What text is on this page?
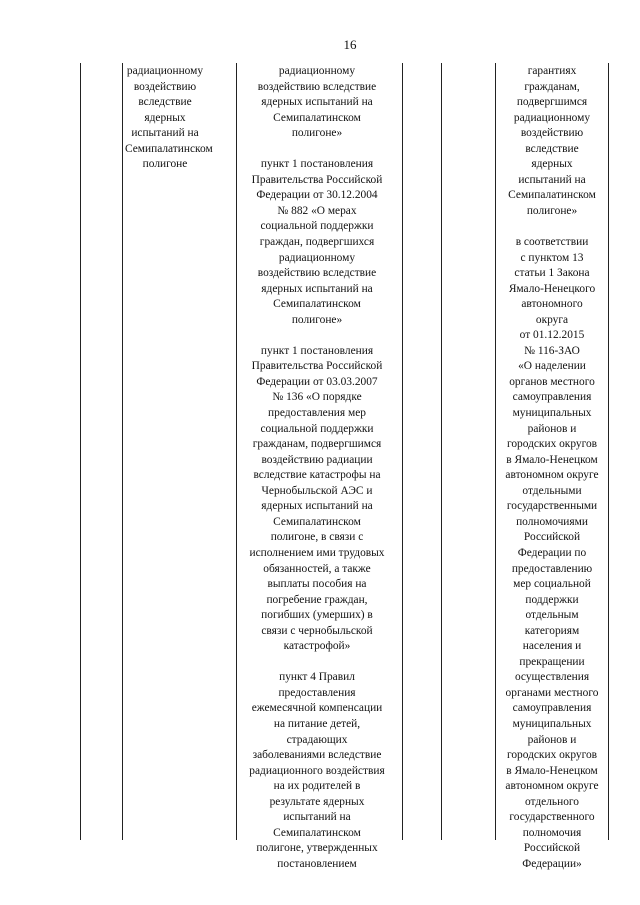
16
радиационному
воздействию
вследствие
ядерных
испытаний на
Семипалатинском
полигоне
радиационному
воздействию вследствие
ядерных испытаний на
Семипалатинском
полигоне»
пункт 1 постановления
Правительства Российской
Федерации от 30.12.2004
№ 882 «О мерах
социальной поддержки
граждан, подвергшихся
радиационному
воздействию вследствие
ядерных испытаний на
Семипалатинском
полигоне»
пункт 1 постановления
Правительства Российской
Федерации от 03.03.2007
№ 136 «О порядке
предоставления мер
социальной поддержки
гражданам, подвергшимся
воздействию радиации
вследствие катастрофы на
Чернобыльской АЭС и
ядерных испытаний на
Семипалатинском
полигоне, в связи с
исполнением ими трудовых
обязанностей, а также
выплаты пособия на
погребение граждан,
погибших (умерших) в
связи с чернобыльской
катастрофой»
пункт 4 Правил
предоставления
ежемесячной компенсации
на питание детей,
страдающих
заболеваниями вследствие
радиационного воздействия
на их родителей в
результате ядерных
испытаний на
Семипалатинском
полигоне, утвержденных
постановлением
гарантиях
гражданам,
подвергшимся
радиационному
воздействию
вследствие
ядерных
испытаний на
Семипалатинском
полигоне»
в соответствии
с пунктом 13
статьи 1 Закона
Ямало-Ненецкого
автономного
округа
от 01.12.2015
№ 116-ЗАО
«О наделении
органов местного
самоуправления
муниципальных
районов и
городских округов
в Ямало-Ненецком
автономном округе
отдельными
государственными
полномочиями
Российской
Федерации по
предоставлению
мер социальной
поддержки
отдельным
категориям
населения и
прекращении
осуществления
органами местного
самоуправления
муниципальных
районов и
городских округов
в Ямало-Ненецком
автономном округе
отдельного
государственного
полномочия
Российской
Федерации»
